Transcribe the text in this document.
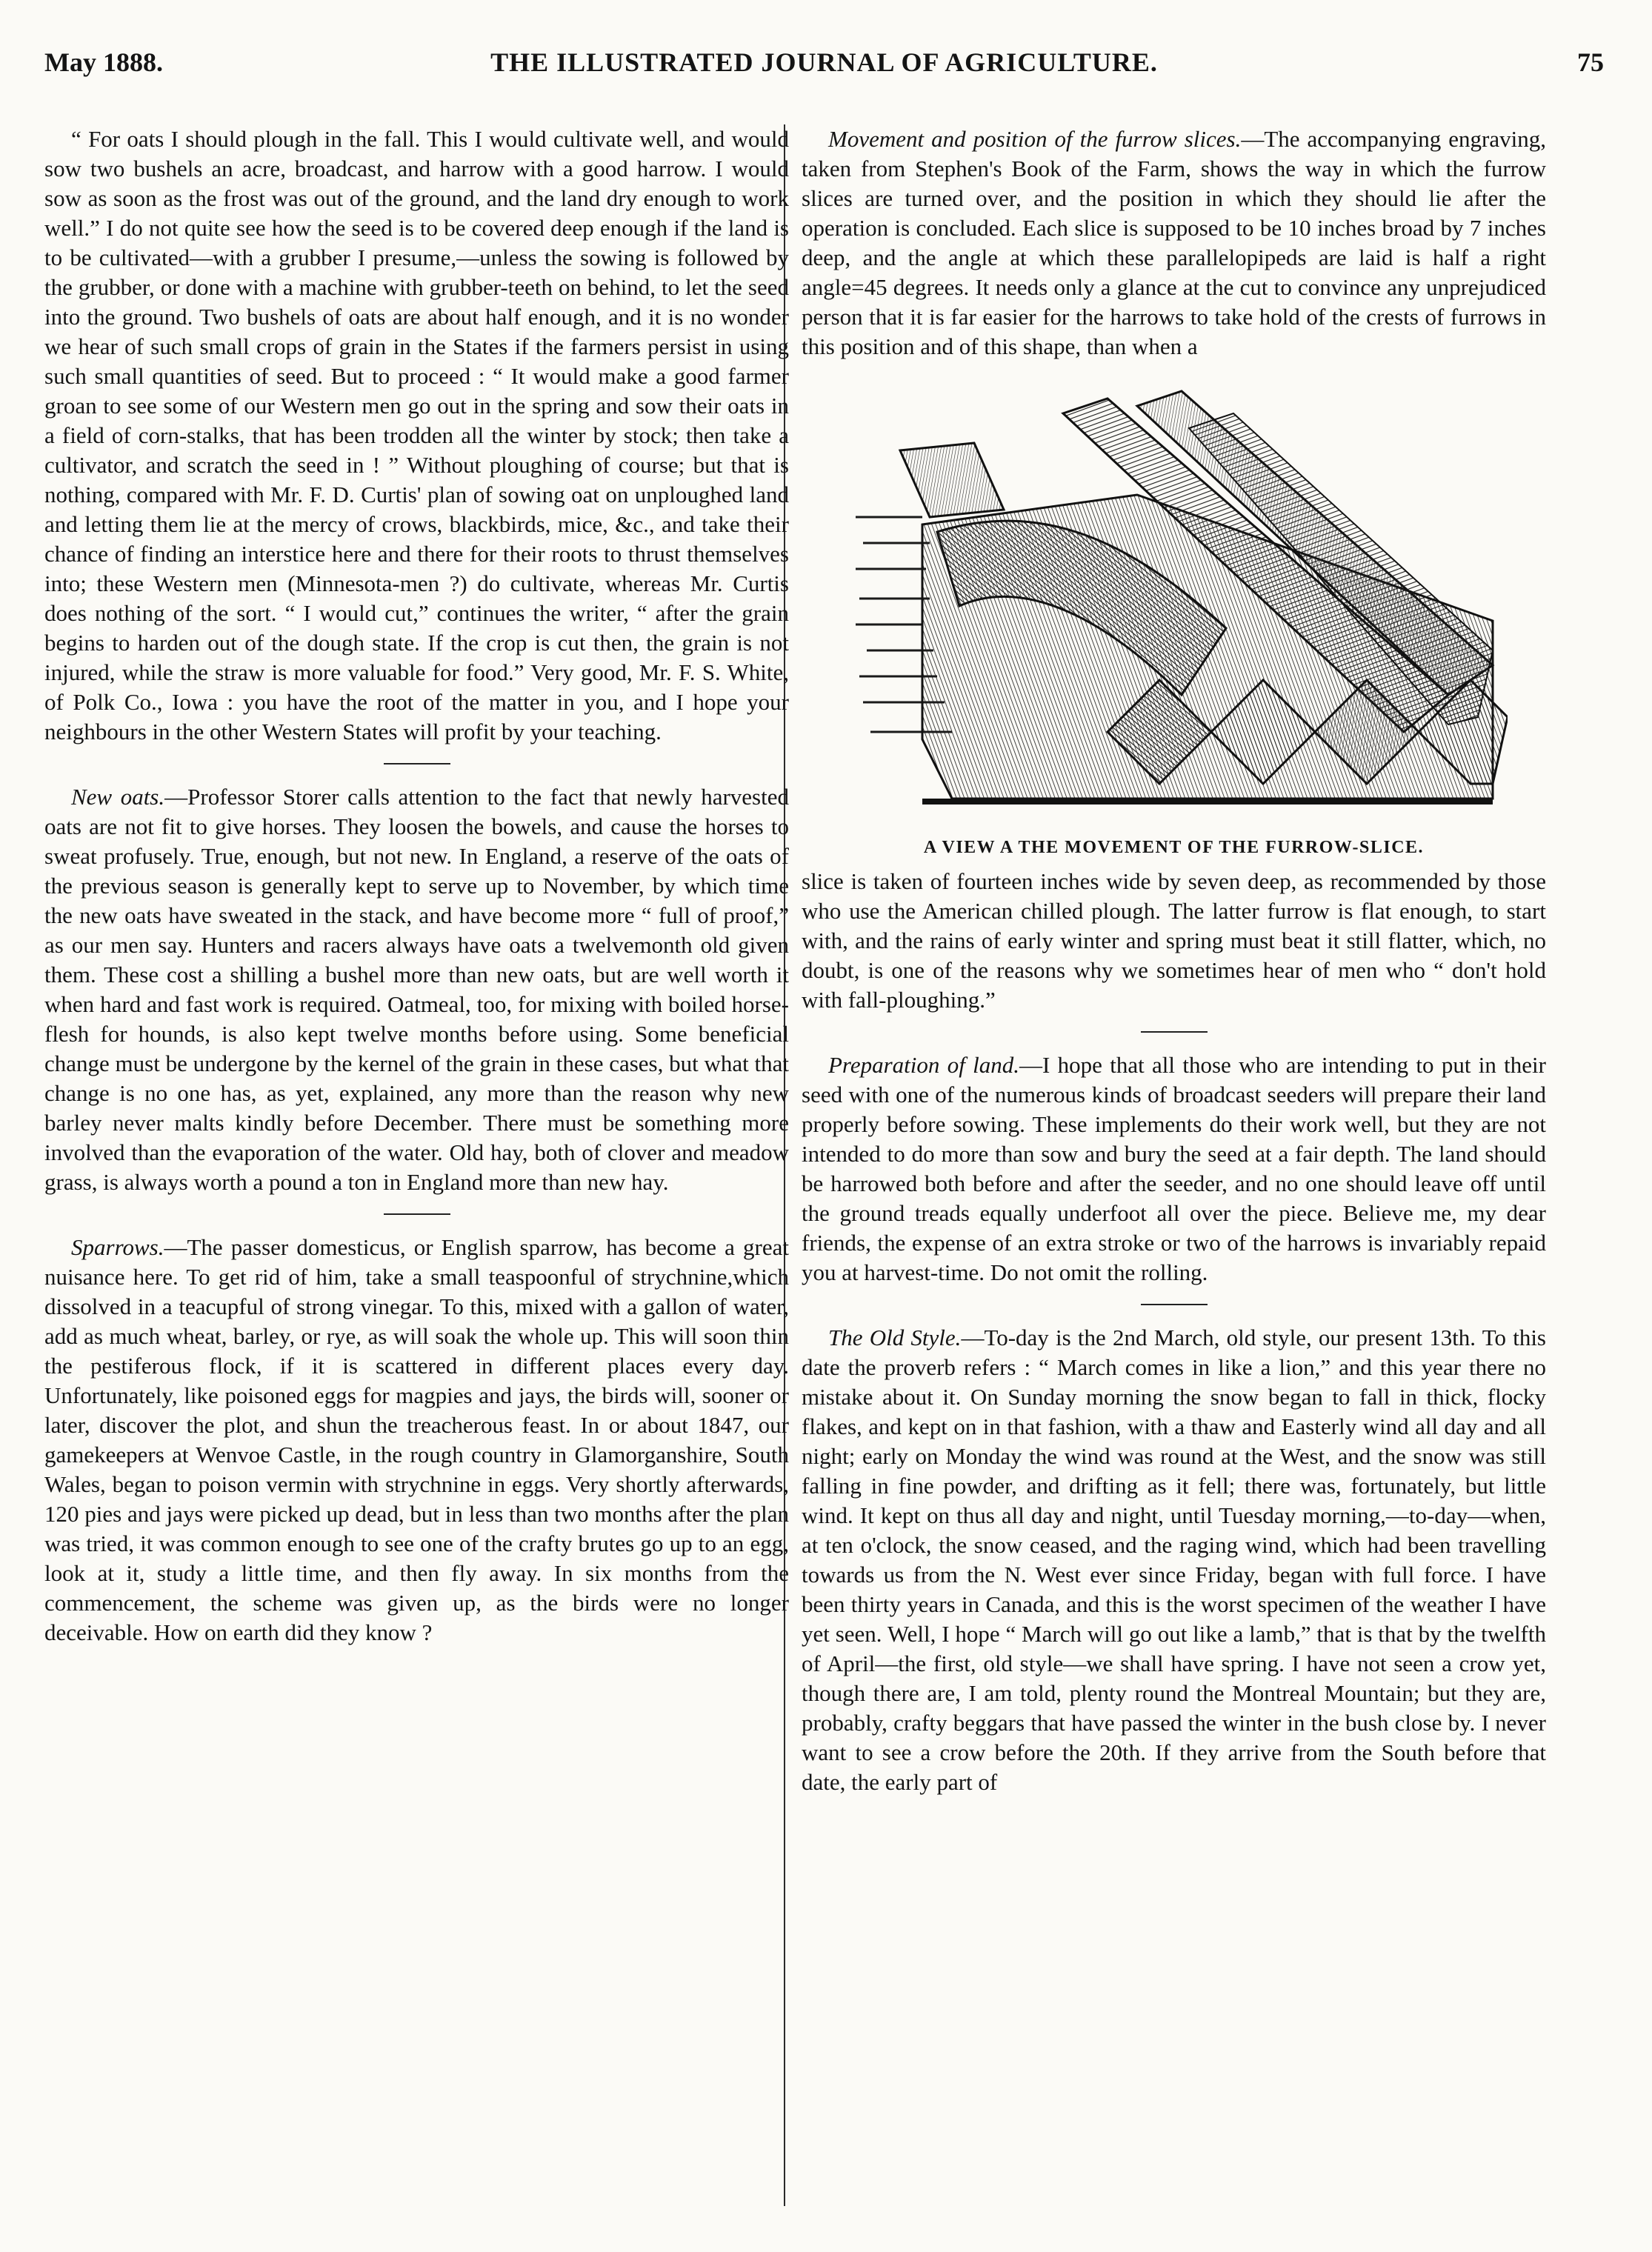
May 1888.	THE ILLUSTRATED JOURNAL OF AGRICULTURE.	75

“ For oats I should plough in the fall. This I would cultivate well, and would sow two bushels an acre, broadcast, and harrow with a good harrow. I would sow as soon as the frost was out of the ground, and the land dry enough to work well.” I do not quite see how the seed is to be covered deep enough if the land is to be cultivated—with a grubber I presume,—unless the sowing is followed by the grubber, or done with a machine with grubber-teeth on behind, to let the seed into the ground. Two bushels of oats are about half enough, and it is no wonder we hear of such small crops of grain in the States if the farmers persist in using such small quantities of seed. But to proceed : “ It would make a good farmer groan to see some of our Western men go out in the spring and sow their oats in a field of corn-stalks, that has been trodden all the winter by stock; then take a cultivator, and scratch the seed in ! ” Without ploughing of course; but that is nothing, compared with Mr. F. D. Curtis' plan of sowing oat on unploughed land and letting them lie at the mercy of crows, blackbirds, mice, &c., and take their chance of finding an interstice here and there for their roots to thrust themselves into; these Western men (Minnesota-men ?) do cultivate, whereas Mr. Curtis does nothing of the sort. “ I would cut,” continues the writer, “ after the grain begins to harden out of the dough state. If the crop is cut then, the grain is not injured, while the straw is more valuable for food.” Very good, Mr. F. S. White, of Polk Co., Iowa : you have the root of the matter in you, and I hope your neighbours in the other Western States will profit by your teaching.

New oats.—Professor Storer calls attention to the fact that newly harvested oats are not fit to give horses. They loosen the bowels, and cause the horses to sweat profusely. True, enough, but not new. In England, a reserve of the oats of the previous season is generally kept to serve up to November, by which time the new oats have sweated in the stack, and have become more “ full of proof,” as our men say. Hunters and racers always have oats a twelvemonth old given them. These cost a shilling a bushel more than new oats, but are well worth it when hard and fast work is required. Oatmeal, too, for mixing with boiled horse-flesh for hounds, is also kept twelve months before using. Some beneficial change must be undergone by the kernel of the grain in these cases, but what that change is no one has, as yet, explained, any more than the reason why new barley never malts kindly before December. There must be something more involved than the evaporation of the water. Old hay, both of clover and meadow grass, is always worth a pound a ton in England more than new hay.

Sparrows.—The passer domesticus, or English sparrow, has become a great nuisance here. To get rid of him, take a small teaspoonful of strychnine,which dissolved in a teacupful of strong vinegar. To this, mixed with a gallon of water, add as much wheat, barley, or rye, as will soak the whole up. This will soon thin the pestiferous flock, if it is scattered in different places every day. Unfortunately, like poisoned eggs for magpies and jays, the birds will, sooner or later, discover the plot, and shun the treacherous feast. In or about 1847, our gamekeepers at Wenvoe Castle, in the rough country in Glamorganshire, South Wales, began to poison vermin with strychnine in eggs. Very shortly afterwards, 120 pies and jays were picked up dead, but in less than two months after the plan was tried, it was common enough to see one of the crafty brutes go up to an egg, look at it, study a little time, and then fly away. In six months from the commencement, the scheme was given up, as the birds were no longer deceivable. How on earth did they know ?

Movement and position of the furrow slices.—The accompanying engraving, taken from Stephen's Book of the Farm, shows the way in which the furrow slices are turned over, and the position in which they should lie after the operation is concluded. Each slice is supposed to be 10 inches broad by 7 inches deep, and the angle at which these parallelopipeds are laid is half a right angle=45 degrees. It needs only a glance at the cut to convince any unprejudiced person that it is far easier for the harrows to take hold of the crests of furrows in this position and of this shape, than when a

A VIEW A THE MOVEMENT OF THE FURROW-SLICE.

slice is taken of fourteen inches wide by seven deep, as recommended by those who use the American chilled plough. The latter furrow is flat enough, to start with, and the rains of early winter and spring must beat it still flatter, which, no doubt, is one of the reasons why we sometimes hear of men who “ don't hold with fall-ploughing.”

Preparation of land.—I hope that all those who are intending to put in their seed with one of the numerous kinds of broadcast seeders will prepare their land properly before sowing. These implements do their work well, but they are not intended to do more than sow and bury the seed at a fair depth. The land should be harrowed both before and after the seeder, and no one should leave off until the ground treads equally underfoot all over the piece. Believe me, my dear friends, the expense of an extra stroke or two of the harrows is invariably repaid you at harvest-time. Do not omit the rolling.

The Old Style.—To-day is the 2nd March, old style, our present 13th. To this date the proverb refers : “ March comes in like a lion,” and this year there no mistake about it. On Sunday morning the snow began to fall in thick, flocky flakes, and kept on in that fashion, with a thaw and Easterly wind all day and all night; early on Monday the wind was round at the West, and the snow was still falling in fine powder, and drifting as it fell; there was, fortunately, but little wind. It kept on thus all day and night, until Tuesday morning,—to-day—when, at ten o'clock, the snow ceased, and the raging wind, which had been travelling towards us from the N. West ever since Friday, began with full force. I have been thirty years in Canada, and this is the worst specimen of the weather I have yet seen. Well, I hope “ March will go out like a lamb,” that is that by the twelfth of April—the first, old style—we shall have spring. I have not seen a crow yet, though there are, I am told, plenty round the Montreal Mountain; but they are, probably, crafty beggars that have passed the winter in the bush close by. I never want to see a crow before the 20th. If they arrive from the South before that date, the early part of
